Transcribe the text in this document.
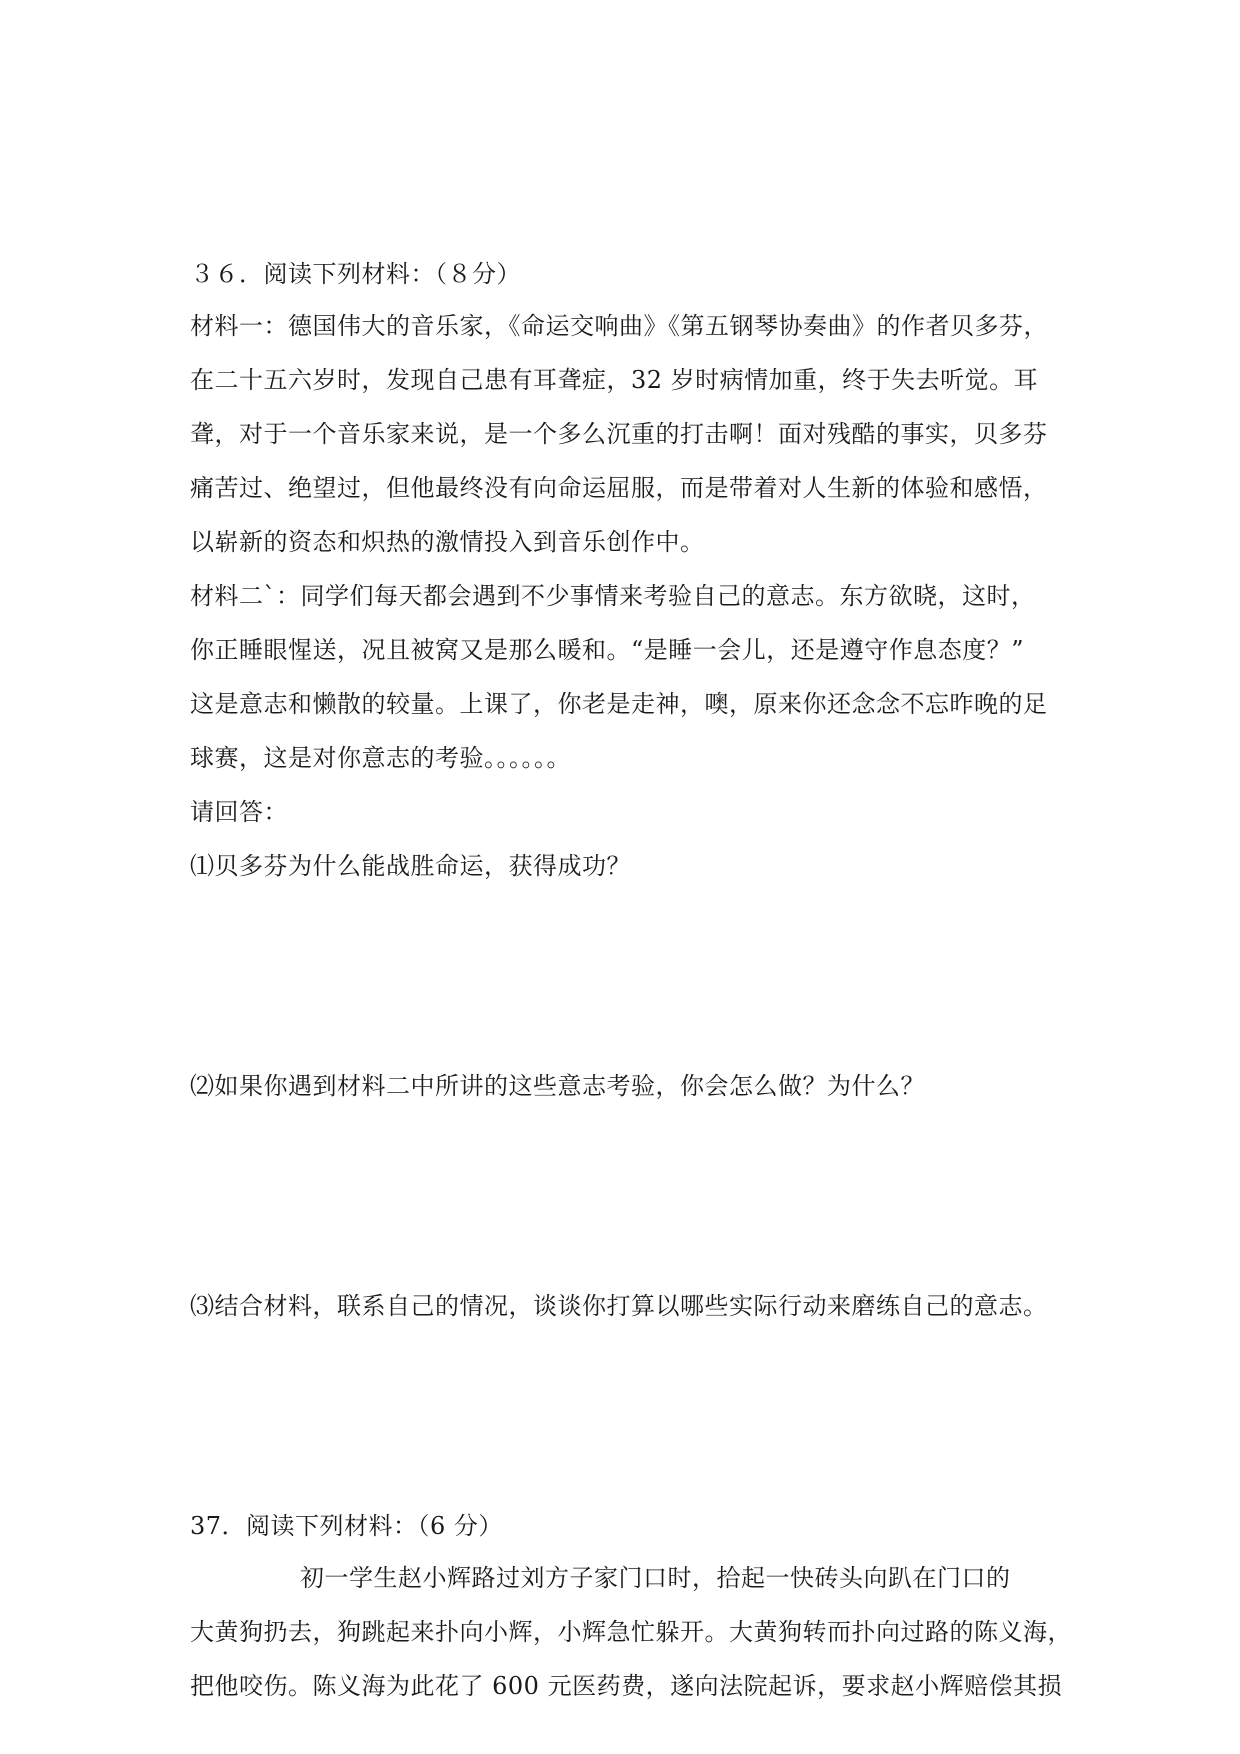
３６．阅读下列材料：（８分）
材料一：德国伟大的音乐家，《命运交响曲》《第五钢琴协奏曲》的作者贝多芬，
在二十五六岁时，发现自己患有耳聋症，32 岁时病情加重，终于失去听觉。耳
聋，对于一个音乐家来说，是一个多么沉重的打击啊！面对残酷的事实，贝多芬
痛苦过、绝望过，但他最终没有向命运屈服，而是带着对人生新的体验和感悟，
以崭新的资态和炽热的激情投入到音乐创作中。
材料二`：同学们每天都会遇到不少事情来考验自己的意志。东方欲晓，这时，
你正睡眼惺送，况且被窝又是那么暖和。“是睡一会儿，还是遵守作息态度？”
这是意志和懒散的较量。上课了，你老是走神，噢，原来你还念念不忘昨晚的足
球赛，这是对你意志的考验。。。。。。
请回答：
⑴贝多芬为什么能战胜命运，获得成功？
⑵如果你遇到材料二中所讲的这些意志考验，你会怎么做？为什么？
⑶结合材料，联系自己的情况，谈谈你打算以哪些实际行动来磨练自己的意志。
37．阅读下列材料：（6 分）
初一学生赵小辉路过刘方子家门口时，拾起一快砖头向趴在门口的
大黄狗扔去，狗跳起来扑向小辉，小辉急忙躲开。大黄狗转而扑向过路的陈义海，
把他咬伤。陈义海为此花了 600 元医药费，遂向法院起诉，要求赵小辉赔偿其损
